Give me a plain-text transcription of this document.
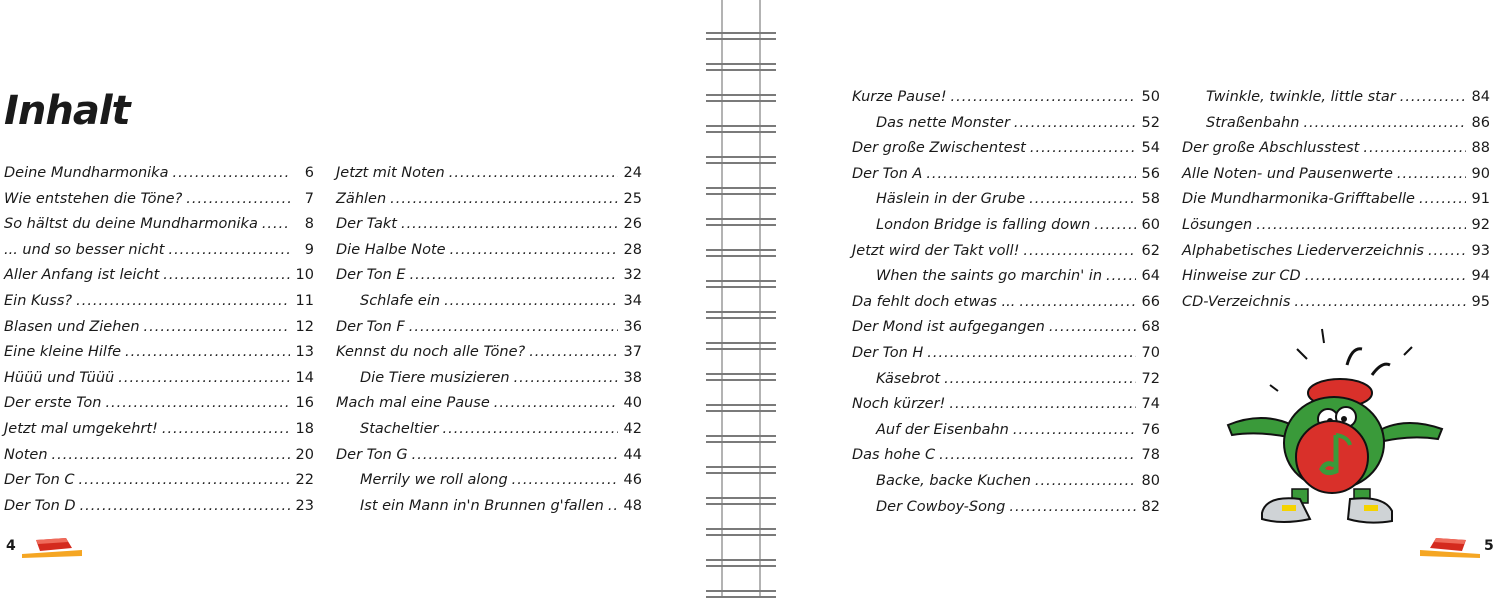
Inhalt
Deine Mundharmonika .....	6
Wie entstehen die Töne? .....	7
So hältst du deine Mundharmonika .....	8
... und so besser nicht .....	9
Aller Anfang ist leicht .....	10
Ein Kuss? .....	11
Blasen und Ziehen .....	12
Eine kleine Hilfe .....	13
Hüüü und Tüüü .....	14
Der erste Ton .....	16
Jetzt mal umgekehrt! .....	18
Noten .....	20
Der Ton C .....	22
Der Ton D .....	23
Jetzt mit Noten .....	24
Zählen .....	25
Der Takt .....	26
Die Halbe Note .....	28
Der Ton E .....	32
Schlafe ein .....	34
Der Ton F .....	36
Kennst du noch alle Töne? .....	37
Die Tiere musizieren .....	38
Mach mal eine Pause .....	40
Stacheltier .....	42
Der Ton G .....	44
Merrily we roll along .....	46
Ist ein Mann in'n Brunnen g'fallen ..... 48
4
Kurze Pause! .....	50
Das nette Monster .....	52
Der große Zwischentest .....	54
Der Ton A .....	56
Häslein in der Grube .....	58
London Bridge is falling down .....	60
Jetzt wird der Takt voll! .....	62
When the saints go marchin' in .....	64
Da fehlt doch etwas ... .....	66
Der Mond ist aufgegangen .....	68
Der Ton H .....	70
Käsebrot .....	72
Noch kürzer! .....	74
Auf der Eisenbahn .....	76
Das hohe C .....	78
Backe, backe Kuchen .....	80
Der Cowboy-Song .....	82
Twinkle, twinkle, little star .....	84
Straßenbahn .....	86
Der große Abschlusstest .....	88
Alle Noten- und Pausenwerte .....	90
Die Mundharmonika-Grifftabelle .....	91
Lösungen .....	92
Alphabetisches Liederverzeichnis .....	93
Hinweise zur CD .....	94
CD-Verzeichnis .....	95
5
